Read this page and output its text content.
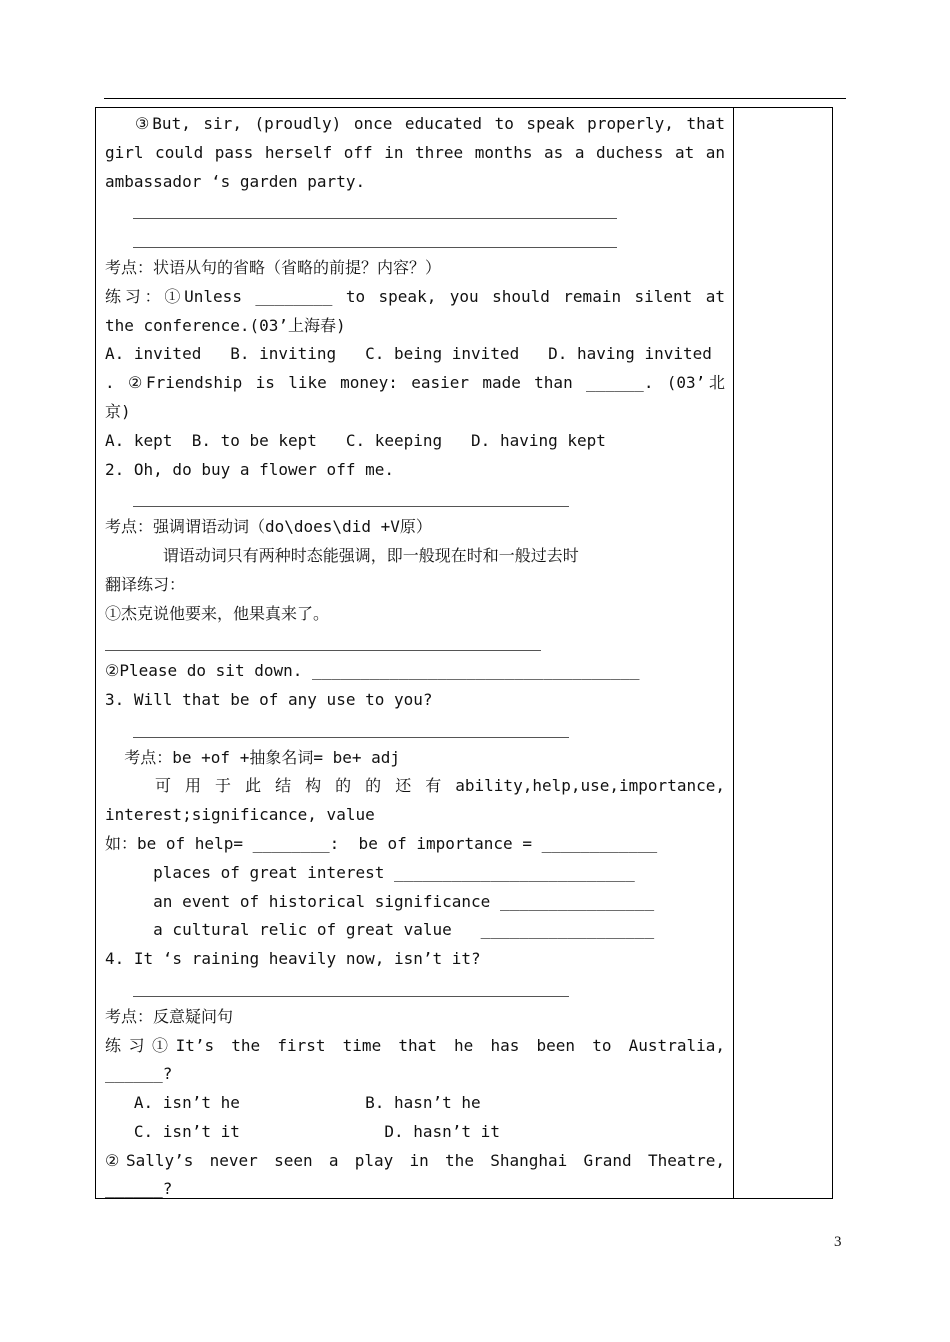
③But, sir, (proudly) once educated to speak properly, that
girl could pass herself off in three months as a duchess at an
ambassador ‘s garden party.
考点：状语从句的省略（省略的前提？内容？）
练习：①Unless ________ to speak, you should remain silent at
the conference.(03’上海春)
A. invited   B. inviting   C. being invited   D. having invited
. ②Friendship is like money: easier made than ______. (03’北
京)
A. kept  B. to be kept   C. keeping   D. having kept
2. Oh, do buy a flower off me.
考点：强调谓语动词（do\does\did +V原）
谓语动词只有两种时态能强调，即一般现在时和一般过去时
翻译练习：
①杰克说他要来，他果真来了。
②Please do sit down. __________________________________
3. Will that be of any use to you?
考点：be +of +抽象名词= be+ adj
可 用 于 此 结 构 的 的 还 有 ability,help,use,importance,
interest;significance, value
如：be of help= ________:  be of importance = ____________
places of great interest _________________________
an event of historical significance ________________
a cultural relic of great value   __________________
4. It ‘s raining heavily now, isn’t it?
考点：反意疑问句
练习①It’s the first time that he has been to Australia,
______?
A. isn’t he             B. hasn’t he
C. isn’t it               D. hasn’t it
②Sally’s never seen a play in the Shanghai Grand Theatre,
______?
3
